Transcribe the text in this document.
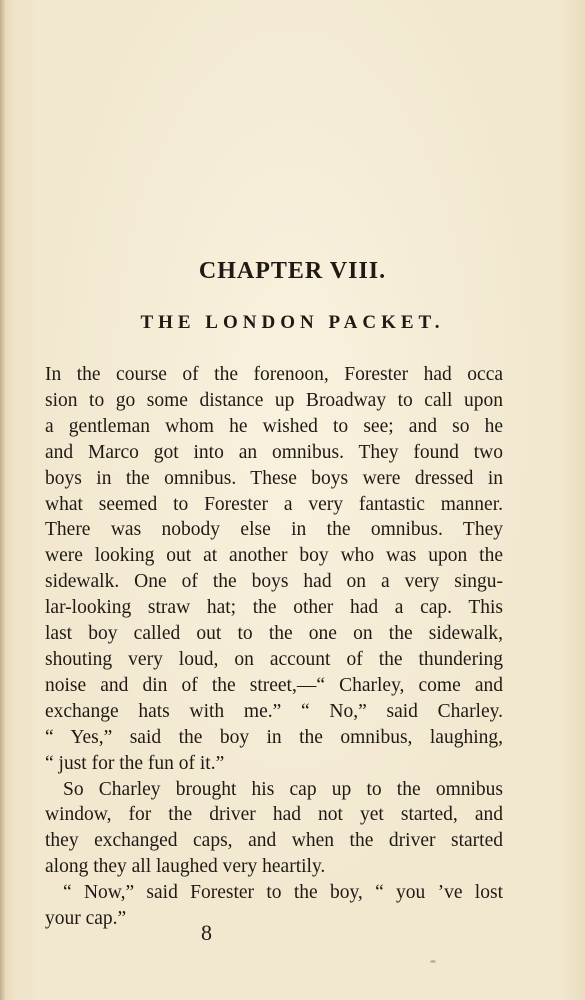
CHAPTER VIII.
THE LONDON PACKET.
In the course of the forenoon, Forester had occa
sion to go some distance up Broadway to call upon
a gentleman whom he wished to see; and so he
and Marco got into an omnibus. They found two
boys in the omnibus. These boys were dressed in
what seemed to Forester a very fantastic manner.
There was nobody else in the omnibus. They
were looking out at another boy who was upon the
sidewalk. One of the boys had on a very singu-
lar-looking straw hat; the other had a cap. This
last boy called out to the one on the sidewalk,
shouting very loud, on account of the thundering
noise and din of the street,—“ Charley, come and
exchange hats with me.” “ No,” said Charley.
“ Yes,” said the boy in the omnibus, laughing,
“ just for the fun of it.”
So Charley brought his cap up to the omnibus
window, for the driver had not yet started, and
they exchanged caps, and when the driver started
along they all laughed very heartily.
“ Now,” said Forester to the boy, “ you ’ve lost
your cap.”

8
